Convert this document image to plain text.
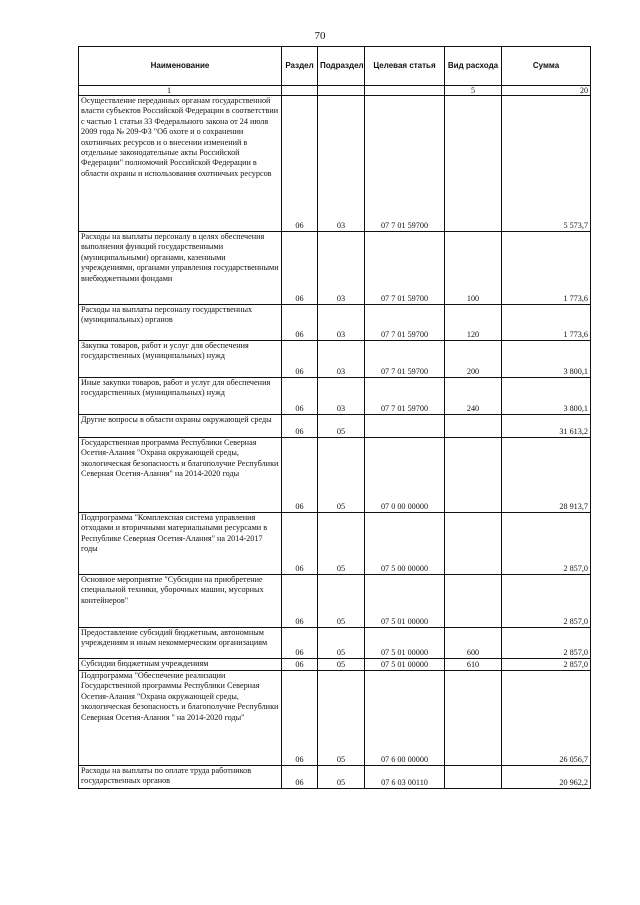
70
Наименование	Раздел	Подраздел	Целевая статья	Вид расхода	Сумма
1				5	20

Осуществление переданных органам государственной власти субъектов Российской Федерации в соответствии с частью 1 статьи 33 Федерального закона от 24 июля 2009 года № 209-ФЗ "Об охоте и о сохранении охотничьих ресурсов и о внесении изменений в отдельные законодательные акты Российской Федерации" полномочий Российской Федерации в области охраны и использования охотничьих ресурсов	06	03	07 7 01 59700		5 573,7

Расходы на выплаты персоналу в целях обеспечения выполнения функций государственными (муниципальными) органами, казенными учреждениями, органами управления государственными внебюджетными фондами	06	03	07 7 01 59700	100	1 773,6

Расходы на выплаты персоналу государственных (муниципальных) органов	06	03	07 7 01 59700	120	1 773,6

Закупка товаров, работ и услуг для обеспечения государственных (муниципальных) нужд	06	03	07 7 01 59700	200	3 800,1

Иные закупки товаров, работ и услуг для обеспечения государственных (муниципальных) нужд	06	03	07 7 01 59700	240	3 800,1

Другие вопросы в области охраны окружающей среды	06	05			31 613,2

Государственная программа Республики Северная Осетия-Алания "Охрана окружающей среды, экологическая безопасность и благополучие Республики Северная Осетия-Алания" на 2014-2020 годы	06	05	07 0 00 00000		28 913,7

Подпрограмма "Комплексная система управления отходами и вторичными материальными ресурсами в Республике Северная Осетия-Алания" на 2014-2017 годы	06	05	07 5 00 00000		2 857,0

Основное мероприятие "Субсидии на приобретение специальной техники, уборочных машин, мусорных контейнеров"	06	05	07 5 01 00000		2 857,0

Предоставление субсидий бюджетным, автономным учреждениям и иным некоммерческим организациям	06	05	07 5 01 00000	600	2 857,0

Субсидии бюджетным учреждениям	06	05	07 5 01 00000	610	2 857,0

Подпрограмма "Обеспечение реализации Государственной программы Республики Северная Осетия-Алания "Охрана окружающей среды, экологическая безопасность и благополучие Республики Северная Осетия-Алания " на 2014-2020 годы"	06	05	07 6 00 00000		26 056,7

Расходы на выплаты по оплате труда работников государственных органов	06	05	07 6 03 00110		20 962,2
